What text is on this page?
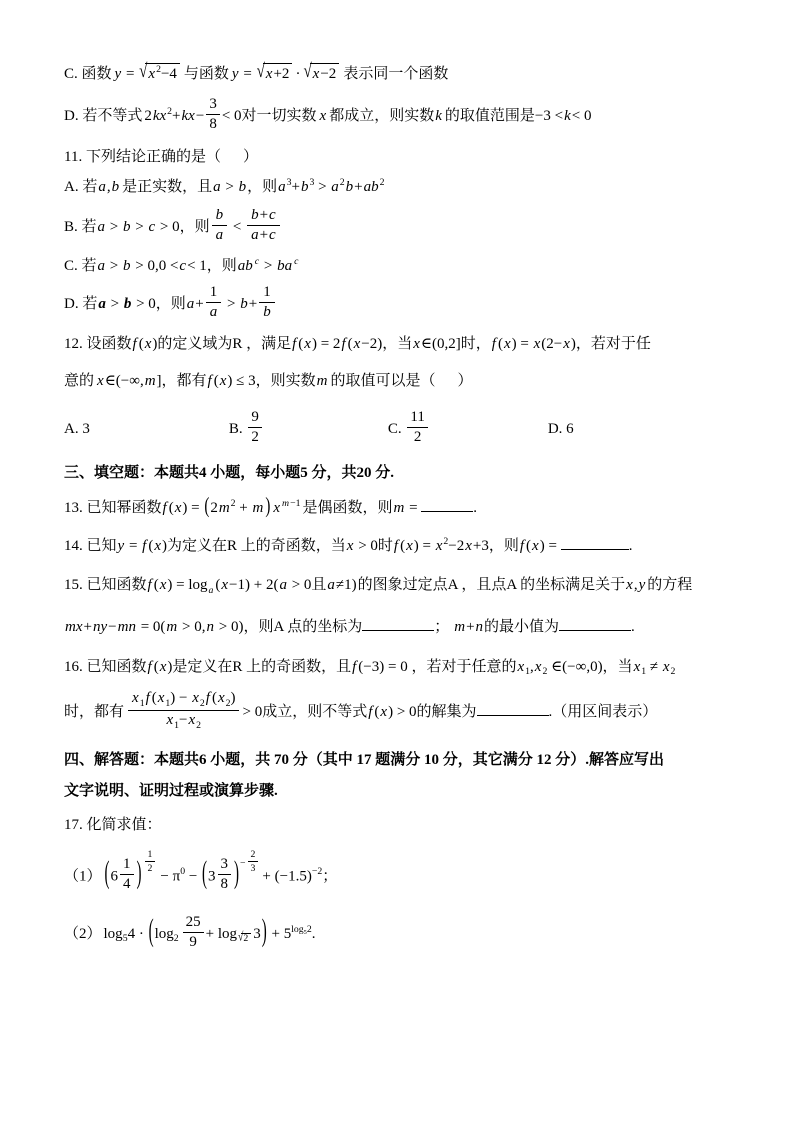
C. 函数 y = √x2−4 与函数 y = √x+2 · √x−2 表示同一个函数
D. 若不等式 $2kx2+kx- \frac{3}{8} < 0$对一切实数 x 都成立，则实数k 的取值范围是−3 <k< 0
11. 下列结论正确的是（ ）
A. 若a,b 是正实数，且a > b，则a3+b3 > a2b+ab2
B. 若a > b > c > 0，则 $\frac{b}{a} < \frac{b+c}{a+c}$
C. 若a > b > 0,0 <c< 1，则ab c > ba c
D. 若a > b > 0，则$a+ \frac{1}{a} > b+ \frac{1}{b}$
12. 设函数f (x)的定义域为R ，满足f (x) = 2f (x−2)，当x∈(0,2]时，f (x) = x(2−x)，若对于任
意的 x∈(−∞,m]，都有f (x) ≤ 3，则实数m 的取值可以是（ ）
A. 3	B. $\frac{9}{2}$	C. $\frac{11}{2}$	D. 6
三、填空题：本题共4 小题，每小题5 分，共20 分.
13. 已知幂函数f (x) = (2m2 + m ) x m−1 是偶函数，则m =	.
14. 已知y = f (x)为定义在R 上的奇函数，当x > 0时f (x) = x2−2x+3，则f (x) =	.
15. 已知函数f (x) = loga (x−1) + 2(a > 0且a≠1)的图象过定点A ，且点A 的坐标满足关于x,y 的方程
mx+ny−mn = 0(m > 0,n > 0)，则A 点的坐标为	； m+n的最小值为	.
16. 已知函数f (x)是定义在R 上的奇函数，且f (−3) = 0 ，若对于任意的x1,x2 ∈(−∞,0)，当x1 ≠ x2
时，都有 $\frac{x1f (x1) - x2f (x2)}{x1-x2} > 0$成立，则不等式f (x) > 0的解集为	.（用区间表示）
四、解答题：本题共6 小题，共 70 分（其中 17 题满分 10 分，其它满分 12 分）.解答应写出
文字说明、证明过程或演算步骤.
17. 化简求值：
（1） ($6 \frac{1}{4}$ ) $\frac{1}{2}$
− $\pi 0 - (3 \frac{3}{8}$ )− $\frac{2}{3}$
+ (−1.5)−2；
（2） $\log 54 \cdot (\log 2 \frac{25}{9} + \log√2$ 3) + 5log52.
